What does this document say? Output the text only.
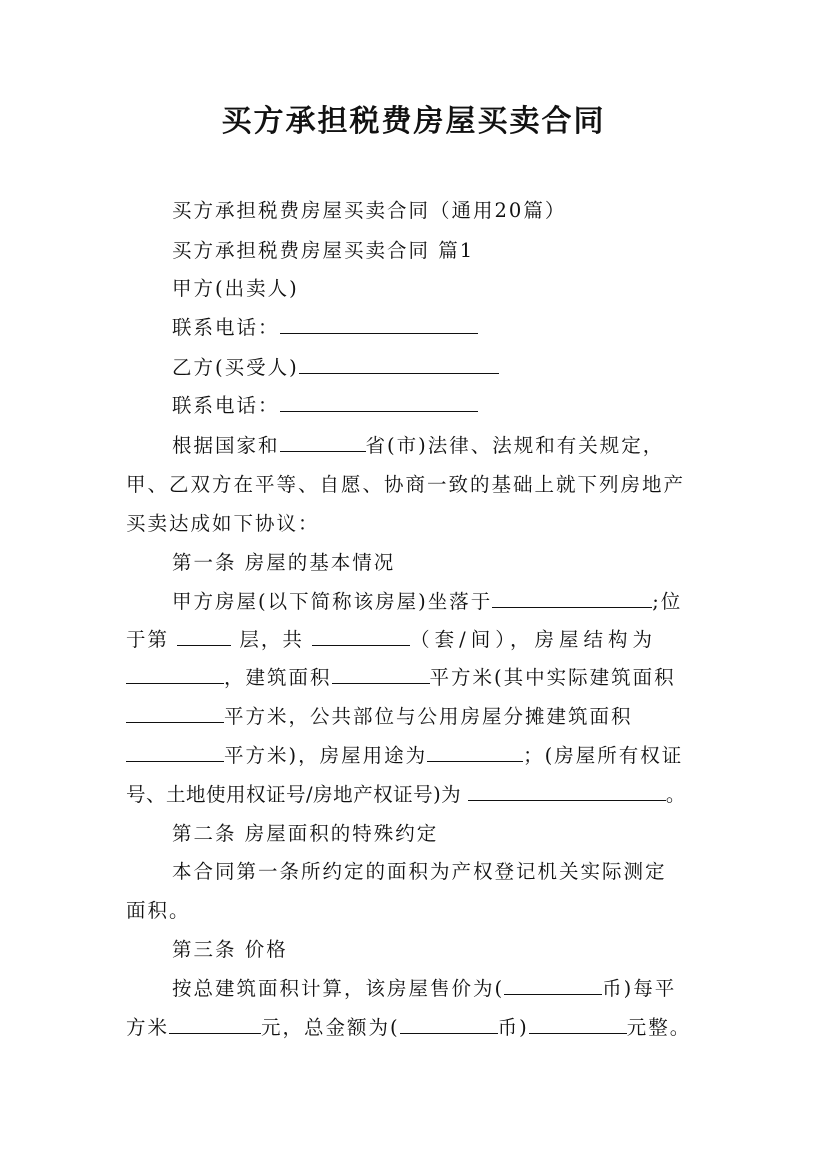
买方承担税费房屋买卖合同
买方承担税费房屋买卖合同（通用20篇）
买方承担税费房屋买卖合同 篇1
甲方(出卖人)
联系电话：
乙方(买受人)
联系电话：
根据国家和	省(市)法律、法规和有关规定，
甲、乙双方在平等、自愿、协商一致的基础上就下列房地产
买卖达成如下协议：
第一条 房屋的基本情况
甲方房屋(以下简称该房屋)坐落于	;位
于第	层，共	（套/间），房屋结构为
，建筑面积	平方米(其中实际建筑面积
平方米，公共部位与公用房屋分摊建筑面积
平方米)，房屋用途为	；(房屋所有权证
号、土地使用权证号/房地产权证号)为	。
第二条 房屋面积的特殊约定
本合同第一条所约定的面积为产权登记机关实际测定
面积。
第三条 价格
按总建筑面积计算，该房屋售价为(	币)每平
方米	元，总金额为(	币)	元整。
